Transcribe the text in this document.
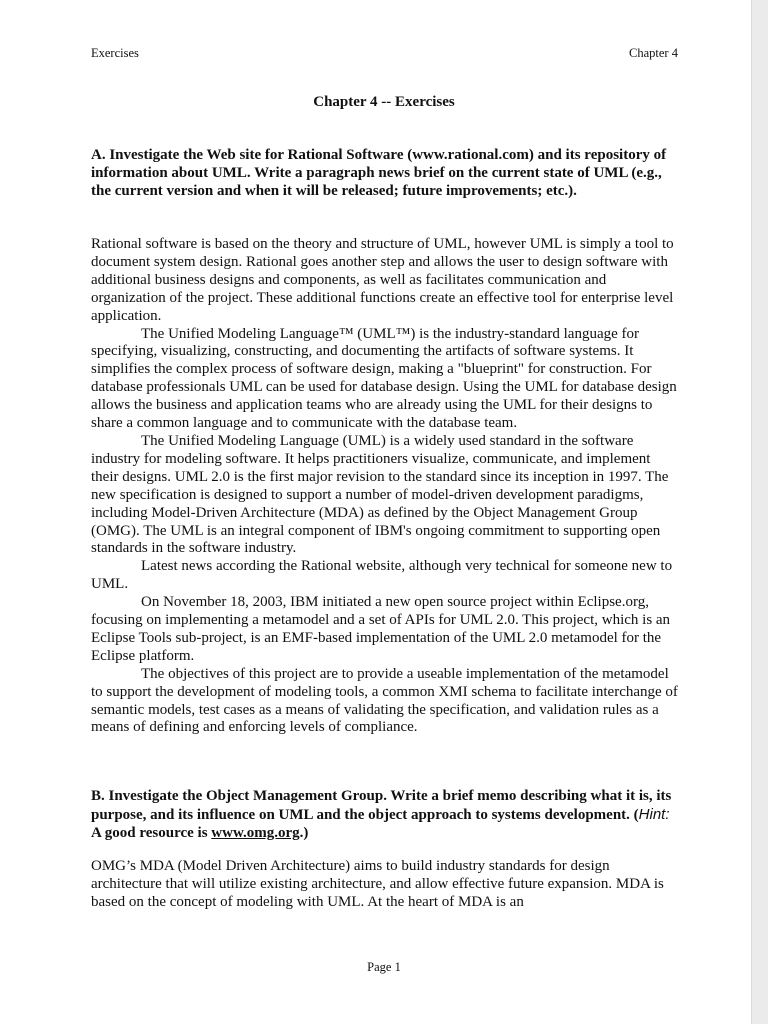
Exercises	Chapter 4
Chapter 4 -- Exercises
A. Investigate the Web site for Rational Software (www.rational.com) and its repository of information about UML. Write a paragraph news brief on the current state of UML (e.g., the current version and when it will be released; future improvements; etc.).

Rational software is based on the theory and structure of UML, however UML is simply a tool to document system design. Rational goes another step and allows the user to design software with additional business designs and components, as well as facilitates communication and organization of the project. These additional functions create an effective tool for enterprise level application.

The Unified Modeling Language™ (UML™) is the industry-standard language for specifying, visualizing, constructing, and documenting the artifacts of software systems. It simplifies the complex process of software design, making a "blueprint" for construction. For database professionals UML can be used for database design. Using the UML for database design allows the business and application teams who are already using the UML for their designs to share a common language and to communicate with the database team.

The Unified Modeling Language (UML) is a widely used standard in the software industry for modeling software. It helps practitioners visualize, communicate, and implement their designs. UML 2.0 is the first major revision to the standard since its inception in 1997. The new specification is designed to support a number of model-driven development paradigms, including Model-Driven Architecture (MDA) as defined by the Object Management Group (OMG). The UML is an integral component of IBM's ongoing commitment to supporting open standards in the software industry.

Latest news according the Rational website, although very technical for someone new to UML.

On November 18, 2003, IBM initiated a new open source project within Eclipse.org, focusing on implementing a metamodel and a set of APIs for UML 2.0. This project, which is an Eclipse Tools sub-project, is an EMF-based implementation of the UML 2.0 metamodel for the Eclipse platform.

The objectives of this project are to provide a useable implementation of the metamodel to support the development of modeling tools, a common XMI schema to facilitate interchange of semantic models, test cases as a means of validating the specification, and validation rules as a means of defining and enforcing levels of compliance.

B. Investigate the Object Management Group. Write a brief memo describing what it is, its purpose, and its influence on UML and the object approach to systems development. (Hint: A good resource is www.omg.org.)
OMG’s MDA (Model Driven Architecture) aims to build industry standards for design architecture that will utilize existing architecture, and allow effective future expansion. MDA is based on the concept of modeling with UML. At the heart of MDA is an
Page 1
